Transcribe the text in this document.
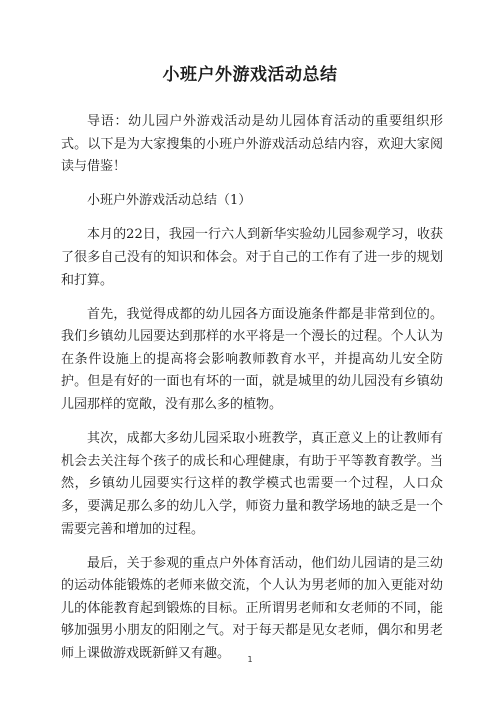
小班户外游戏活动总结

导语：幼儿园户外游戏活动是幼儿园体育活动的重要组织形式。以下是为大家搜集的小班户外游戏活动总结内容，欢迎大家阅读与借鉴！

小班户外游戏活动总结（1）

本月的22日，我园一行六人到新华实验幼儿园参观学习，收获了很多自己没有的知识和体会。对于自己的工作有了进一步的规划和打算。

首先，我觉得成都的幼儿园各方面设施条件都是非常到位的。我们乡镇幼儿园要达到那样的水平将是一个漫长的过程。个人认为在条件设施上的提高将会影响教师教育水平，并提高幼儿安全防护。但是有好的一面也有坏的一面，就是城里的幼儿园没有乡镇幼儿园那样的宽敞，没有那么多的植物。

其次，成都大多幼儿园采取小班教学，真正意义上的让教师有机会去关注每个孩子的成长和心理健康，有助于平等教育教学。当然，乡镇幼儿园要实行这样的教学模式也需要一个过程，人口众多，要满足那么多的幼儿入学，师资力量和教学场地的缺乏是一个需要完善和增加的过程。

最后，关于参观的重点户外体育活动，他们幼儿园请的是三幼的运动体能锻炼的老师来做交流，个人认为男老师的加入更能对幼儿的体能教育起到锻炼的目标。正所谓男老师和女老师的不同，能够加强男小朋友的阳刚之气。对于每天都是见女老师，偶尔和男老师上课做游戏既新鲜又有趣。	1
